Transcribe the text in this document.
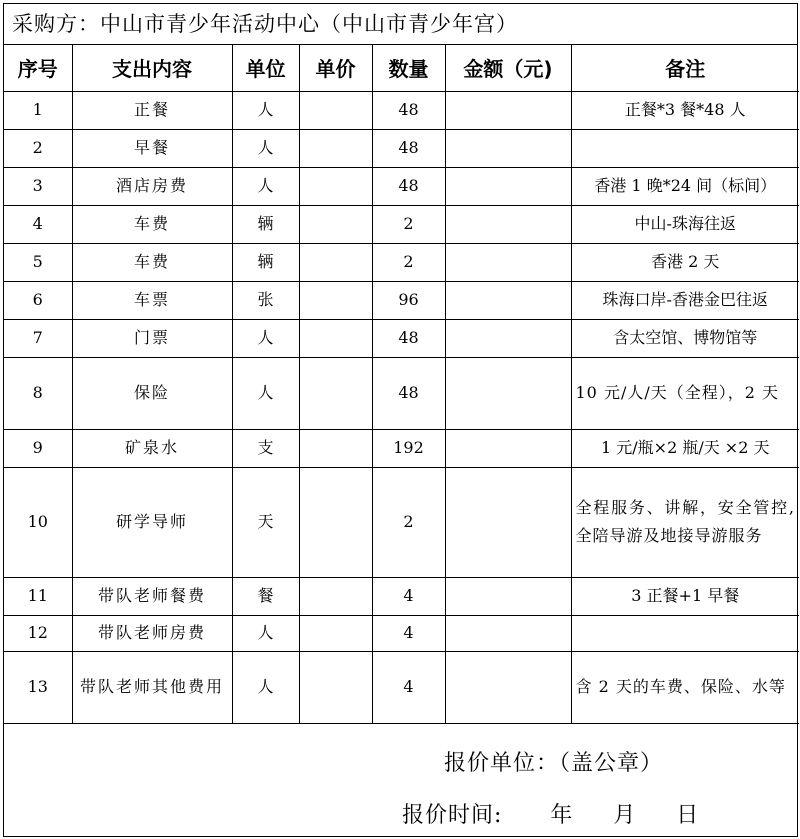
采购方：中山市青少年活动中心（中山市青少年宫）
序号	支出内容	单位	单价	数量	金额（元)	备注
1	正餐	人		48		正餐*3 餐*48 人
2	早餐	人		48		
3	酒店房费	人		48		香港 1 晚*24 间（标间）
4	车费	辆		2		中山-珠海往返
5	车费	辆		2		香港 2 天
6	车票	张		96		珠海口岸-香港金巴往返
7	门票	人		48		含太空馆、博物馆等
8	保险	人		48		10 元/人/天（全程），2 天
9	矿泉水	支		192		1 元/瓶×2 瓶/天 ×2 天
10	研学导师	天		2		全程服务、讲解，安全管控,全陪导游及地接导游服务
11	带队老师餐费	餐		4		3 正餐+1 早餐
12	带队老师房费	人		4		
13	带队老师其他费用	人		4		含 2 天的车费、保险、水等
报价单位：（盖公章）
报价时间:      年     月     日
